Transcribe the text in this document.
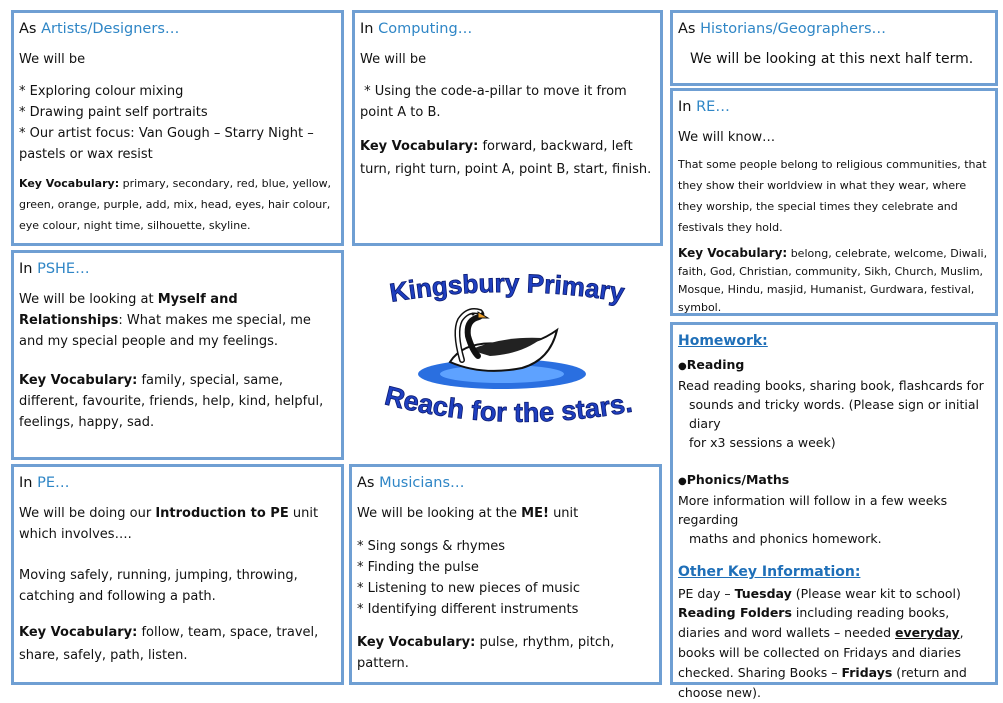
As Artists/Designers…
We will be
* Exploring colour mixing
* Drawing paint self portraits
* Our artist focus: Van Gough – Starry Night – pastels or wax resist
Key Vocabulary: primary, secondary, red, blue, yellow, green, orange, purple, add, mix, head, eyes, hair colour, eye colour, night time, silhouette, skyline.
In Computing…
We will be
* Using the code-a-pillar to move it from point A to B.
Key Vocabulary: forward, backward, left turn, right turn, point A, point B, start, finish.
As Historians/Geographers…
We will be looking at this next half term.
In RE…
We will know…
That some people belong to religious communities, that they show their worldview in what they wear, where they worship, the special times they celebrate and festivals they hold.
Key Vocabulary: belong, celebrate, welcome, Diwali, faith, God, Christian, community, Sikh, Church, Muslim, Mosque, Hindu, masjid, Humanist, Gurdwara, festival, symbol.
In PSHE…
We will be looking at Myself and Relationships: What makes me special, me and my special people and my feelings.
Key Vocabulary: family, special, same, different, favourite, friends, help, kind, helpful, feelings, happy, sad.
Kingsbury Primary
Reach for the stars.
In PE…
We will be doing our Introduction to PE unit which involves….
Moving safely, running, jumping, throwing, catching and following a path.
Key Vocabulary: follow, team, space, travel, share, safely, path, listen.
As Musicians…
We will be looking at the ME! unit
* Sing songs & rhymes
* Finding the pulse
* Listening to new pieces of music
* Identifying different instruments
Key Vocabulary: pulse, rhythm, pitch, pattern.
Homework:
● Reading
Read reading books, sharing book, flashcards for
sounds and tricky words. (Please sign or initial diary
for x3 sessions a week)
● Phonics/Maths
More information will follow in a few weeks regarding
maths and phonics homework.
Other Key Information:
PE day – Tuesday (Please wear kit to school)
Reading Folders including reading books, diaries and word wallets – needed everyday, books will be collected on Fridays and diaries checked. Sharing Books – Fridays (return and choose new).
